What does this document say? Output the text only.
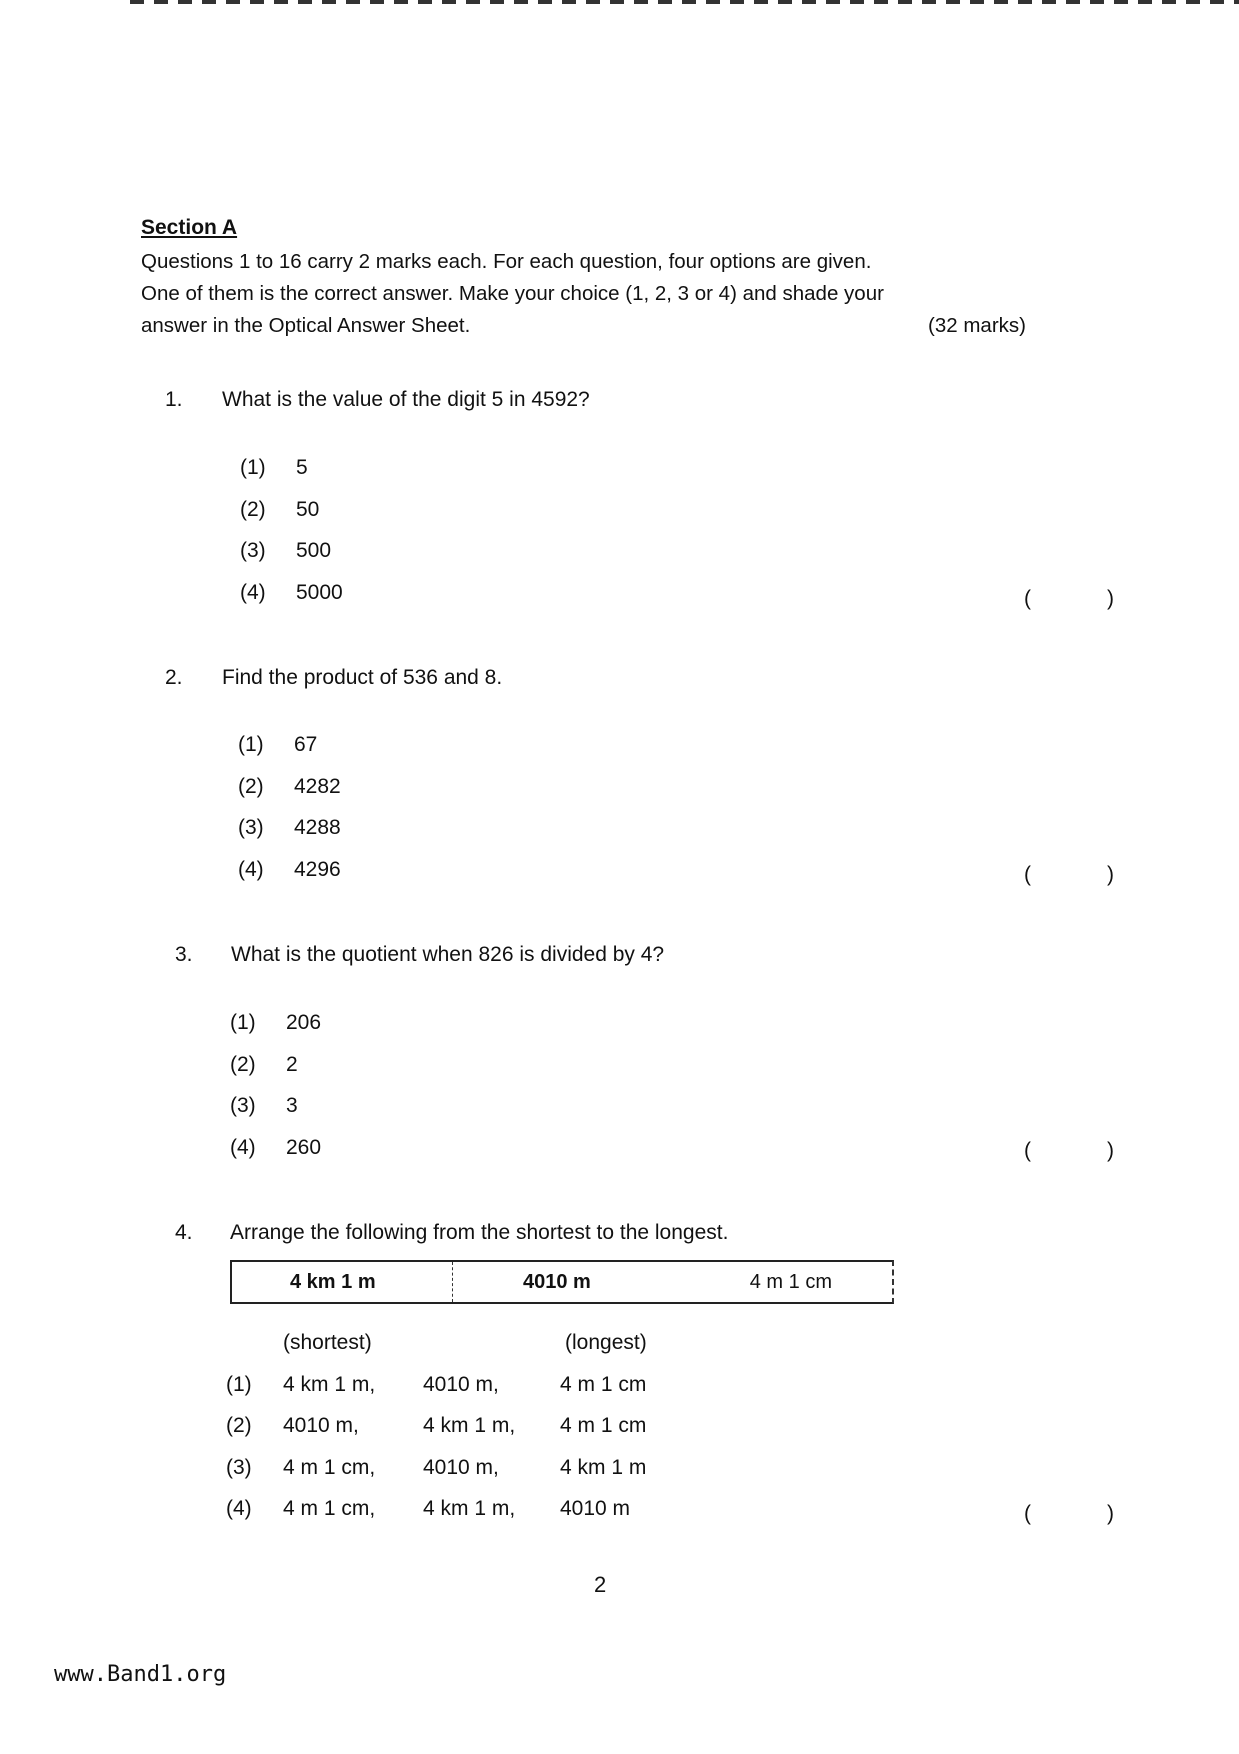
Section A
Questions 1 to 16 carry 2 marks each. For each question, four options are given.
One of them is the correct answer. Make your choice (1, 2, 3 or 4) and shade your
answer in the Optical Answer Sheet.	(32 marks)
1. What is the value of the digit 5 in 4592?
(1)	5
(2)	50
(3)	500
(4)	5000	(	)
2. Find the product of 536 and 8.
(1)	67
(2)	4282
(3)	4288
(4)	4296	(	)
3. What is the quotient when 826 is divided by 4?
(1)	206
(2)	2
(3)	3
(4)	260	(	)
4. Arrange the following from the shortest to the longest.
4 km 1 m	4010 m	4 m 1 cm
(shortest)	(longest)
(1)	4 km 1 m,	4010 m,	4 m 1 cm
(2)	4010 m,	4 km 1 m,	4 m 1 cm
(3)	4 m 1 cm,	4010 m,	4 km 1 m
(4)	4 m 1 cm,	4 km 1 m,	4010 m	(	)
2
www.Band1.org
